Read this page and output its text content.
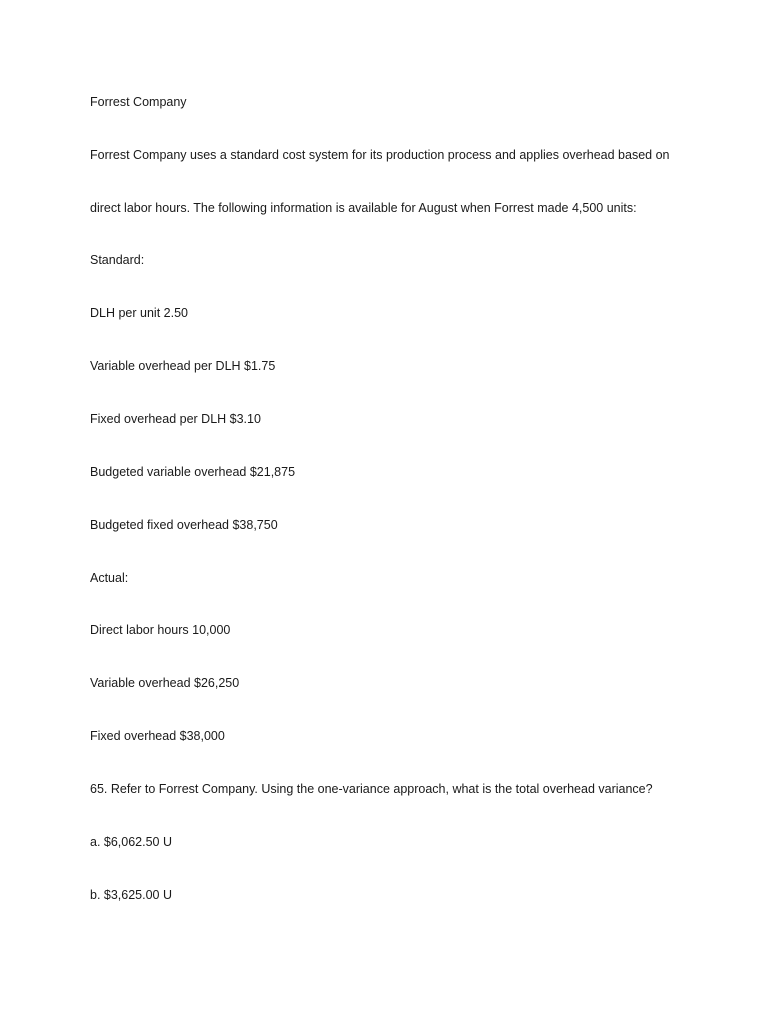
Forrest Company
Forrest Company uses a standard cost system for its production process and applies overhead based on
direct labor hours. The following information is available for August when Forrest made 4,500 units:
Standard:
DLH per unit 2.50
Variable overhead per DLH $1.75
Fixed overhead per DLH $3.10
Budgeted variable overhead $21,875
Budgeted fixed overhead $38,750
Actual:
Direct labor hours 10,000
Variable overhead $26,250
Fixed overhead $38,000
65. Refer to Forrest Company. Using the one-variance approach, what is the total overhead variance?
a. $6,062.50 U
b. $3,625.00 U
